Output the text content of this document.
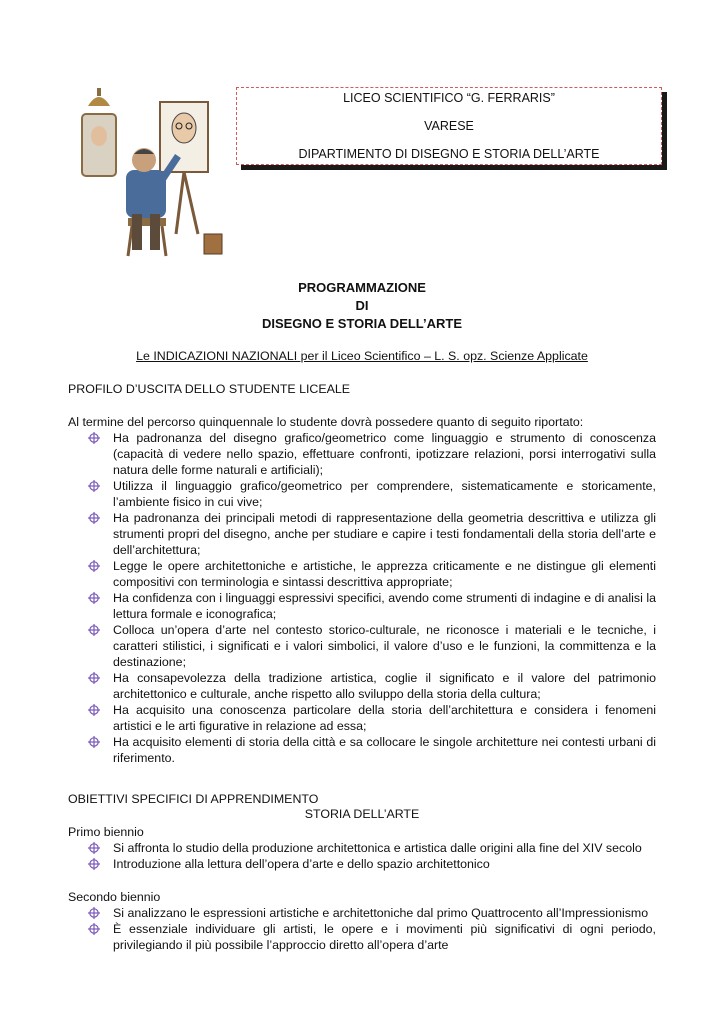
LICEO SCIENTIFICO “G. FERRARIS”
VARESE
DIPARTIMENTO DI DISEGNO E STORIA DELL’ARTE
PROGRAMMAZIONE
DI
DISEGNO E STORIA DELL’ARTE
Le INDICAZIONI NAZIONALI per il Liceo Scientifico – L. S. opz. Scienze Applicate
PROFILO D’USCITA DELLO STUDENTE LICEALE
Al termine del percorso quinquennale lo studente dovrà possedere quanto di seguito riportato:
Ha padronanza del disegno grafico/geometrico come linguaggio e strumento di conoscenza (capacità di vedere nello spazio, effettuare confronti, ipotizzare relazioni, porsi interrogativi sulla natura delle forme naturali e artificiali);
Utilizza il linguaggio grafico/geometrico per comprendere, sistematicamente e storicamente, l’ambiente fisico in cui vive;
Ha padronanza dei principali metodi di rappresentazione della geometria descrittiva e utilizza gli strumenti propri del disegno, anche per studiare e capire i testi fondamentali della storia dell’arte e dell’architettura;
Legge le opere architettoniche e artistiche, le apprezza criticamente e ne distingue gli elementi compositivi con terminologia e sintassi descrittiva appropriate;
Ha confidenza con i linguaggi espressivi specifici, avendo come strumenti di indagine e di analisi la lettura formale e iconografica;
Colloca un’opera d’arte nel contesto storico-culturale, ne riconosce i materiali e le tecniche, i caratteri stilistici, i significati e i valori simbolici, il valore d’uso e le funzioni, la committenza e la destinazione;
Ha consapevolezza della tradizione artistica, coglie il significato e il valore del patrimonio architettonico e culturale, anche rispetto allo sviluppo della storia della cultura;
Ha acquisito una conoscenza particolare della storia dell’architettura e considera i fenomeni artistici e le arti figurative in relazione ad essa;
Ha acquisito elementi di storia della città e sa collocare le singole architetture nei contesti urbani di riferimento.
OBIETTIVI SPECIFICI DI APPRENDIMENTO
STORIA DELL’ARTE
Primo biennio
Si affronta lo studio della produzione architettonica e artistica dalle origini alla fine del XIV secolo
Introduzione alla lettura dell’opera d’arte e dello spazio architettonico
Secondo biennio
Si analizzano le espressioni artistiche e architettoniche dal primo Quattrocento all’Impressionismo
È essenziale individuare gli artisti, le opere e i movimenti più significativi di ogni periodo, privilegiando il più possibile l’approccio diretto all’opera d’arte
